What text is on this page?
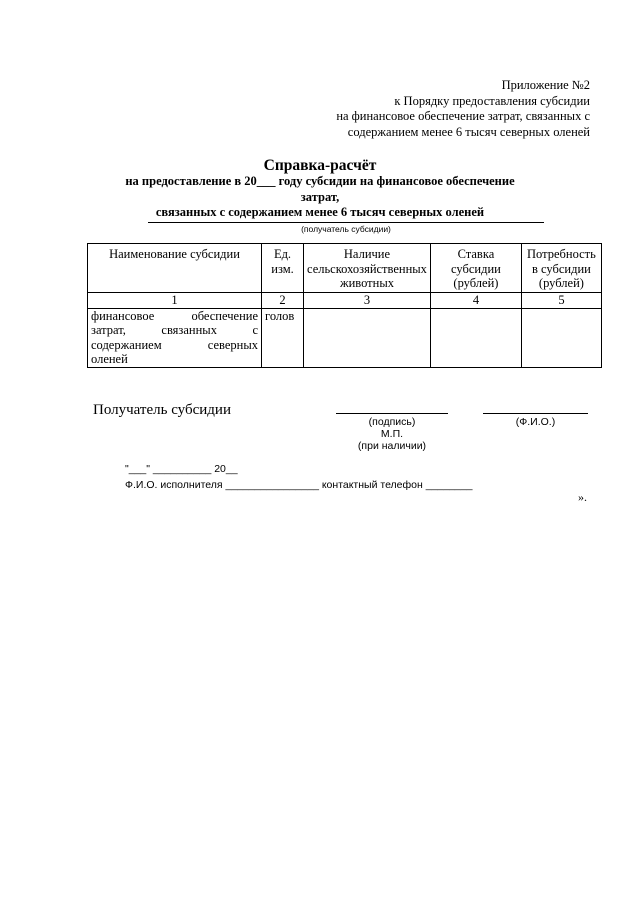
Приложение №2
к Порядку предоставления субсидии
на финансовое обеспечение затрат, связанных с
содержанием менее 6 тысяч северных оленей
Справка-расчёт
на предоставление в 20___ году субсидии на финансовое обеспечение затрат,
связанных с содержанием менее 6 тысяч северных оленей
(получатель субсидии)
Наименование субсидии	Ед. изм.	Наличие сельскохозяйственных животных	Ставка субсидии (рублей)	Потребность в субсидии (рублей)
1	2	3	4	5

финансовое обеспечение
затрат, связанных с
содержанием северных
оленей	голов			
Получатель субсидии
(подпись)	(Ф.И.О.)
М.П.
(при наличии)
"___" __________ 20__
Ф.И.О. исполнителя ________________ контактный телефон ________
».
